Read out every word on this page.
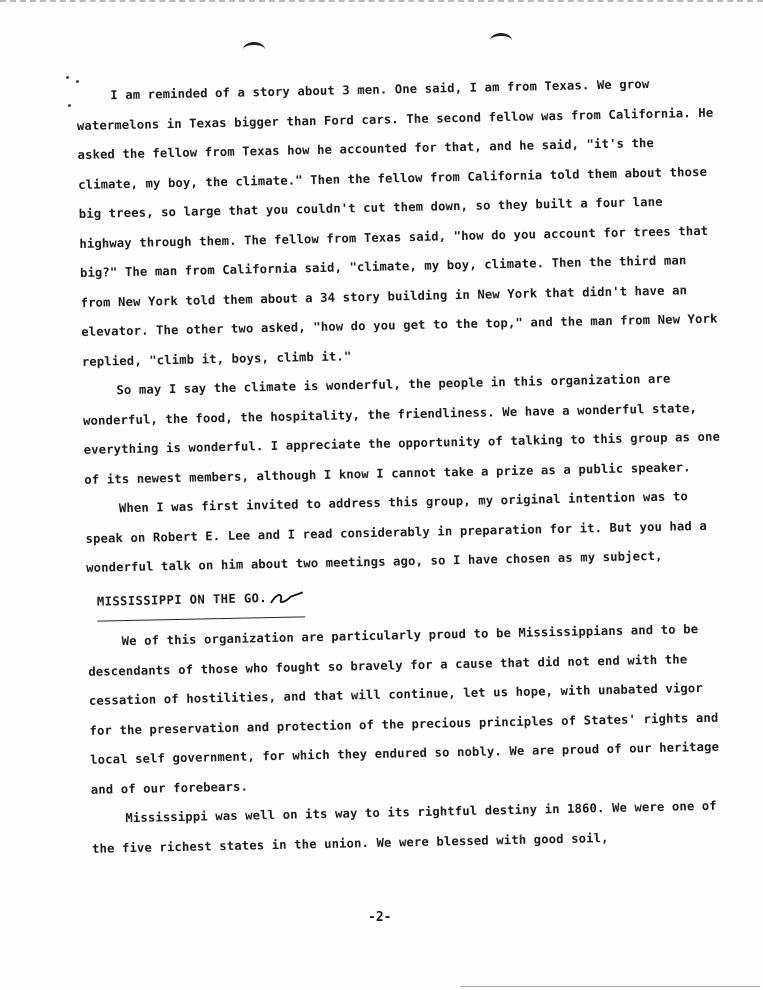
I am reminded of a story about 3 men. One said, I am from Texas. We grow watermelons in Texas bigger than Ford cars. The second fellow was from California. He asked the fellow from Texas how he accounted for that, and he said, "it's the climate, my boy, the climate." Then the fellow from California told them about those big trees, so large that you couldn't cut them down, so they built a four lane highway through them. The fellow from Texas said, "how do you account for trees that big?" The man from California said, "climate, my boy, climate. Then the third man from New York told them about a 34 story building in New York that didn't have an elevator. The other two asked, "how do you get to the top," and the man from New York replied, "climb it, boys, climb it."

So may I say the climate is wonderful, the people in this organization are wonderful, the food, the hospitality, the friendliness. We have a wonderful state, everything is wonderful. I appreciate the opportunity of talking to this group as one of its newest members, although I know I cannot take a prize as a public speaker.

When I was first invited to address this group, my original intention was to speak on Robert E. Lee and I read considerably in preparation for it. But you had a wonderful talk on him about two meetings ago, so I have chosen as my subject,

MISSISSIPPI ON THE GO.

We of this organization are particularly proud to be Mississippians and to be descendants of those who fought so bravely for a cause that did not end with the cessation of hostilities, and that will continue, let us hope, with unabated vigor for the preservation and protection of the precious principles of States' rights and local self government, for which they endured so nobly. We are proud of our heritage and of our forebears.

Mississippi was well on its way to its rightful destiny in 1860. We were one of the five richest states in the union. We were blessed with good soil,

-2-
